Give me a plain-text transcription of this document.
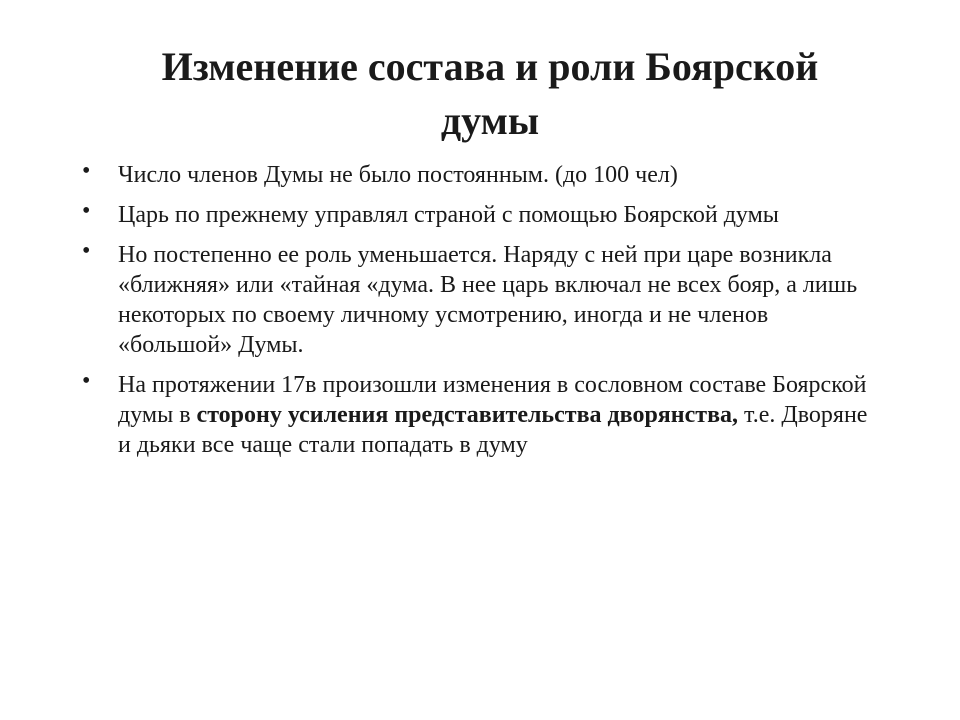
Изменение состава и роли Боярской
думы
• Число членов Думы не было постоянным. (до 100 чел)
• Царь по прежнему управлял страной с помощью Боярской думы
• Но постепенно ее роль уменьшается. Наряду с ней при царе возникла «ближняя» или «тайная «дума. В нее царь включал не всех бояр, а лишь некоторых по своему личному усмотрению, иногда и не членов «большой» Думы.
• На протяжении 17в произошли изменения в сословном составе Боярской думы в сторону усиления представительства дворянства, т.е. Дворяне и дьяки все чаще стали попадать в думу
